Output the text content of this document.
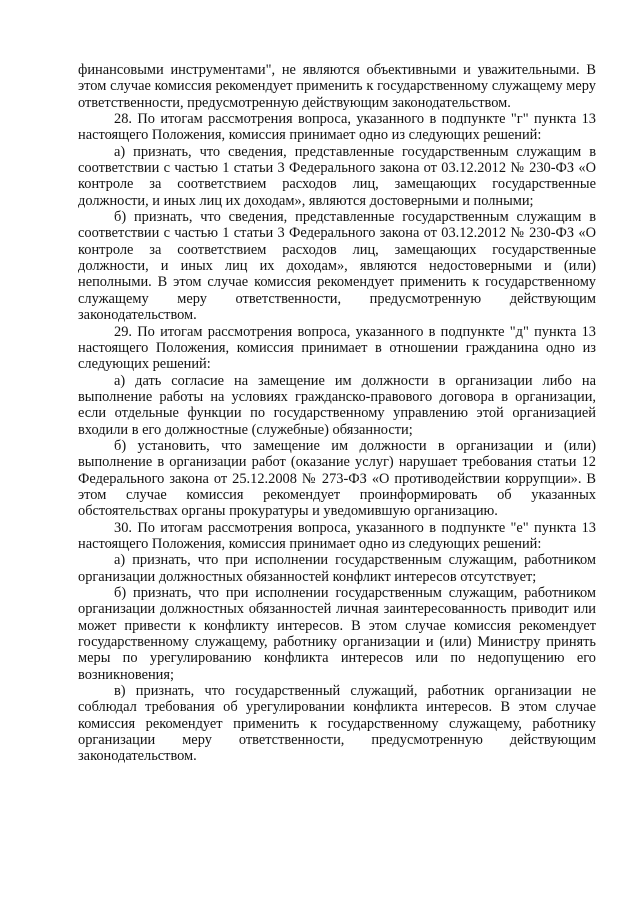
финансовыми инструментами", не являются объективными и уважительными. В этом случае комиссия рекомендует применить к государственному служащему меру ответственности, предусмотренную действующим законодательством.

28. По итогам рассмотрения вопроса, указанного в подпункте "г" пункта 13 настоящего Положения, комиссия принимает одно из следующих решений:

а) признать, что сведения, представленные государственным служащим в соответствии с частью 1 статьи 3 Федерального закона от 03.12.2012 № 230-ФЗ «О контроле за соответствием расходов лиц, замещающих государственные должности, и иных лиц их доходам», являются достоверными и полными;

б) признать, что сведения, представленные государственным служащим в соответствии с частью 1 статьи 3 Федерального закона от 03.12.2012 № 230-ФЗ «О контроле за соответствием расходов лиц, замещающих государственные должности, и иных лиц их доходам», являются недостоверными и (или) неполными. В этом случае комиссия рекомендует применить к государственному служащему меру ответственности, предусмотренную действующим законодательством.

29. По итогам рассмотрения вопроса, указанного в подпункте "д" пункта 13 настоящего Положения, комиссия принимает в отношении гражданина одно из следующих решений:

а) дать согласие на замещение им должности в организации либо на выполнение работы на условиях гражданско-правового договора в организации, если отдельные функции по государственному управлению этой организацией входили в его должностные (служебные) обязанности;

б) установить, что замещение им должности в организации и (или) выполнение в организации работ (оказание услуг) нарушает требования статьи 12 Федерального закона от 25.12.2008 № 273-ФЗ «О противодействии коррупции». В этом случае комиссия рекомендует проинформировать об указанных обстоятельствах органы прокуратуры и уведомившую организацию.

30. По итогам рассмотрения вопроса, указанного в подпункте "е" пункта 13 настоящего Положения, комиссия принимает одно из следующих решений:

а) признать, что при исполнении государственным служащим, работником организации должностных обязанностей конфликт интересов отсутствует;

б) признать, что при исполнении государственным служащим, работником организации должностных обязанностей личная заинтересованность приводит или может привести к конфликту интересов. В этом случае комиссия рекомендует государственному служащему, работнику организации и (или) Министру принять меры по урегулированию конфликта интересов или по недопущению его возникновения;

в) признать, что государственный служащий, работник организации не соблюдал требования об урегулировании конфликта интересов. В этом случае комиссия рекомендует применить к государственному служащему, работнику организации меру ответственности, предусмотренную действующим законодательством.
